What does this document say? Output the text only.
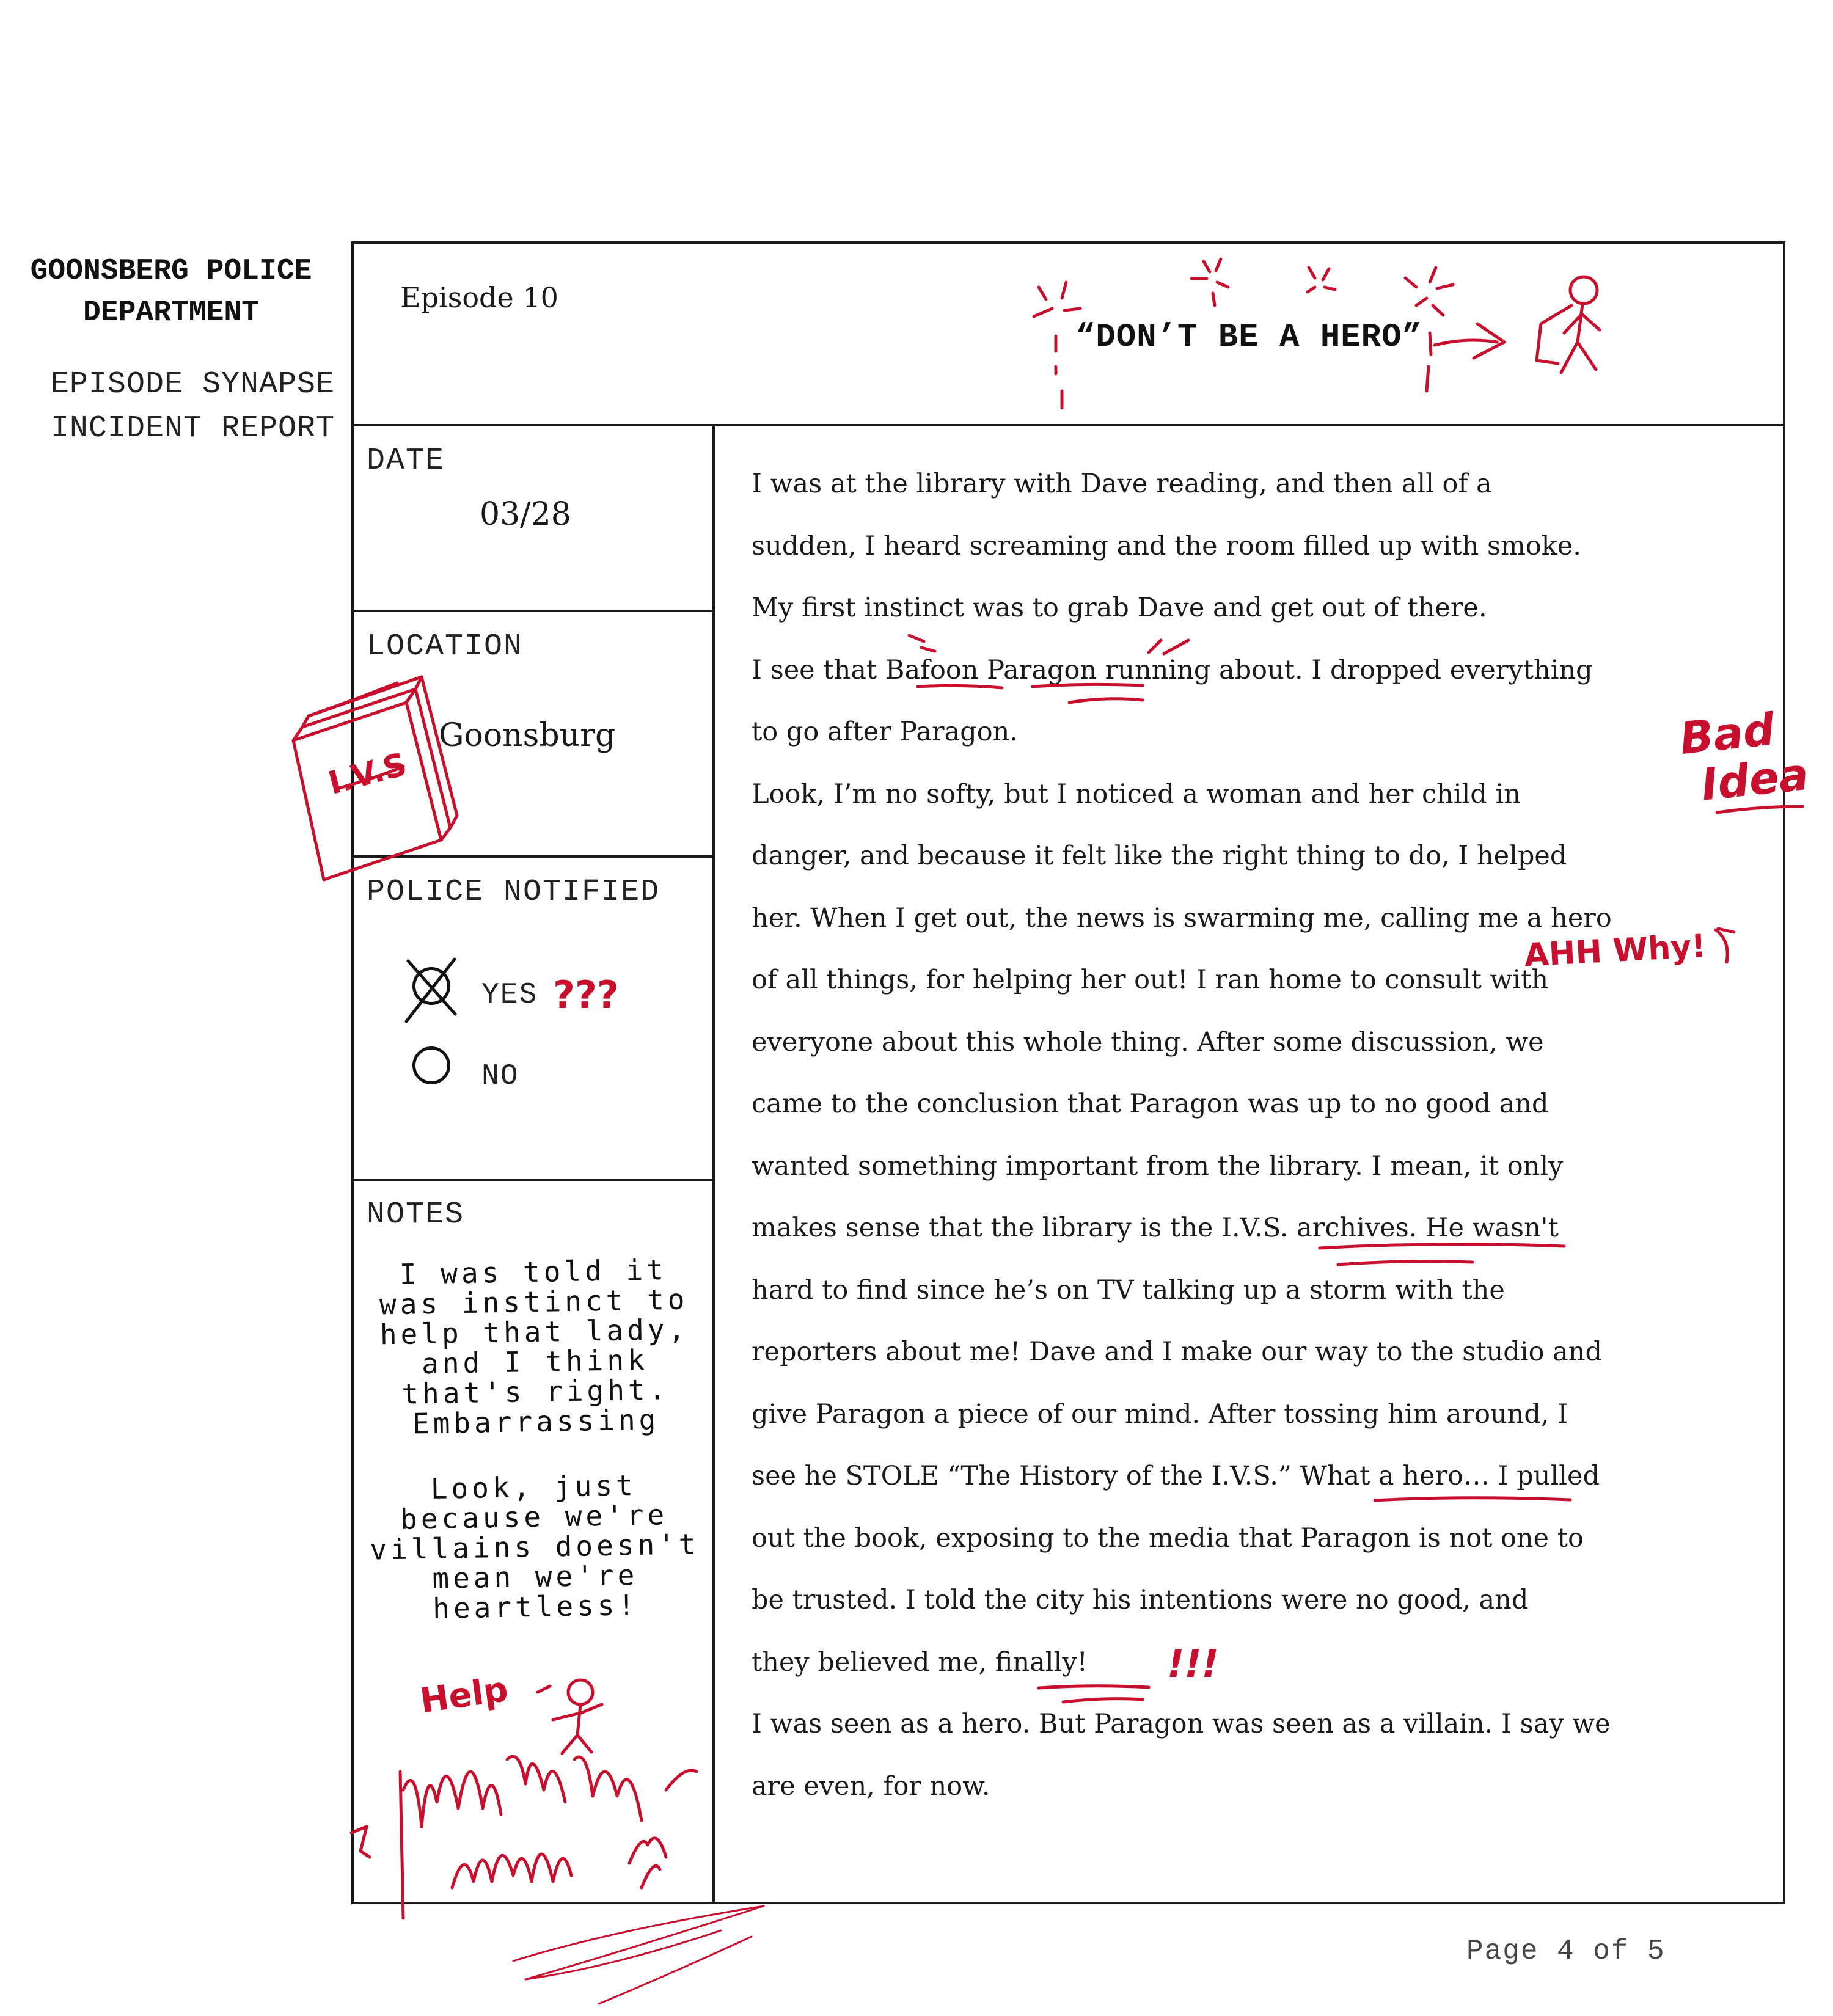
GOONSBERG POLICE
DEPARTMENT
EPISODE SYNAPSE
INCIDENT REPORT
Episode 10
“DON’T BE A HERO”
DATE
03/28
LOCATION
Goonsburg
POLICE NOTIFIED
YES
NO
NOTES
I was told it
was instinct to
help that lady,
and I think
that's right.
Embarrassing
Look, just
because we're
villains doesn't
mean we're
heartless!
I was at the library with Dave reading, and then all of a
sudden, I heard screaming and the room filled up with smoke.
My first instinct was to grab Dave and get out of there.
I see that Bafoon Paragon running about. I dropped everything
to go after Paragon.
Look, I’m no softy, but I noticed a woman and her child in
danger, and because it felt like the right thing to do, I helped
her. When I get out, the news is swarming me, calling me a hero
of all things, for helping her out! I ran home to consult with
everyone about this whole thing. After some discussion, we
came to the conclusion that Paragon was up to no good and
wanted something important from the library. I mean, it only
makes sense that the library is the I.V.S. archives. He wasn't
hard to find since he’s on TV talking up a storm with the
reporters about me! Dave and I make our way to the studio and
give Paragon a piece of our mind. After tossing him around, I
see he STOLE “The History of the I.V.S.” What a hero… I pulled
out the book, exposing to the media that Paragon is not one to
be trusted. I told the city his intentions were no good, and
they believed me, finally!
I was seen as a hero. But Paragon was seen as a villain. I say we
are even, for now.
Page 4 of 5
I.V.S
???
Bad
Idea
AHH Why!
!!!
Help
